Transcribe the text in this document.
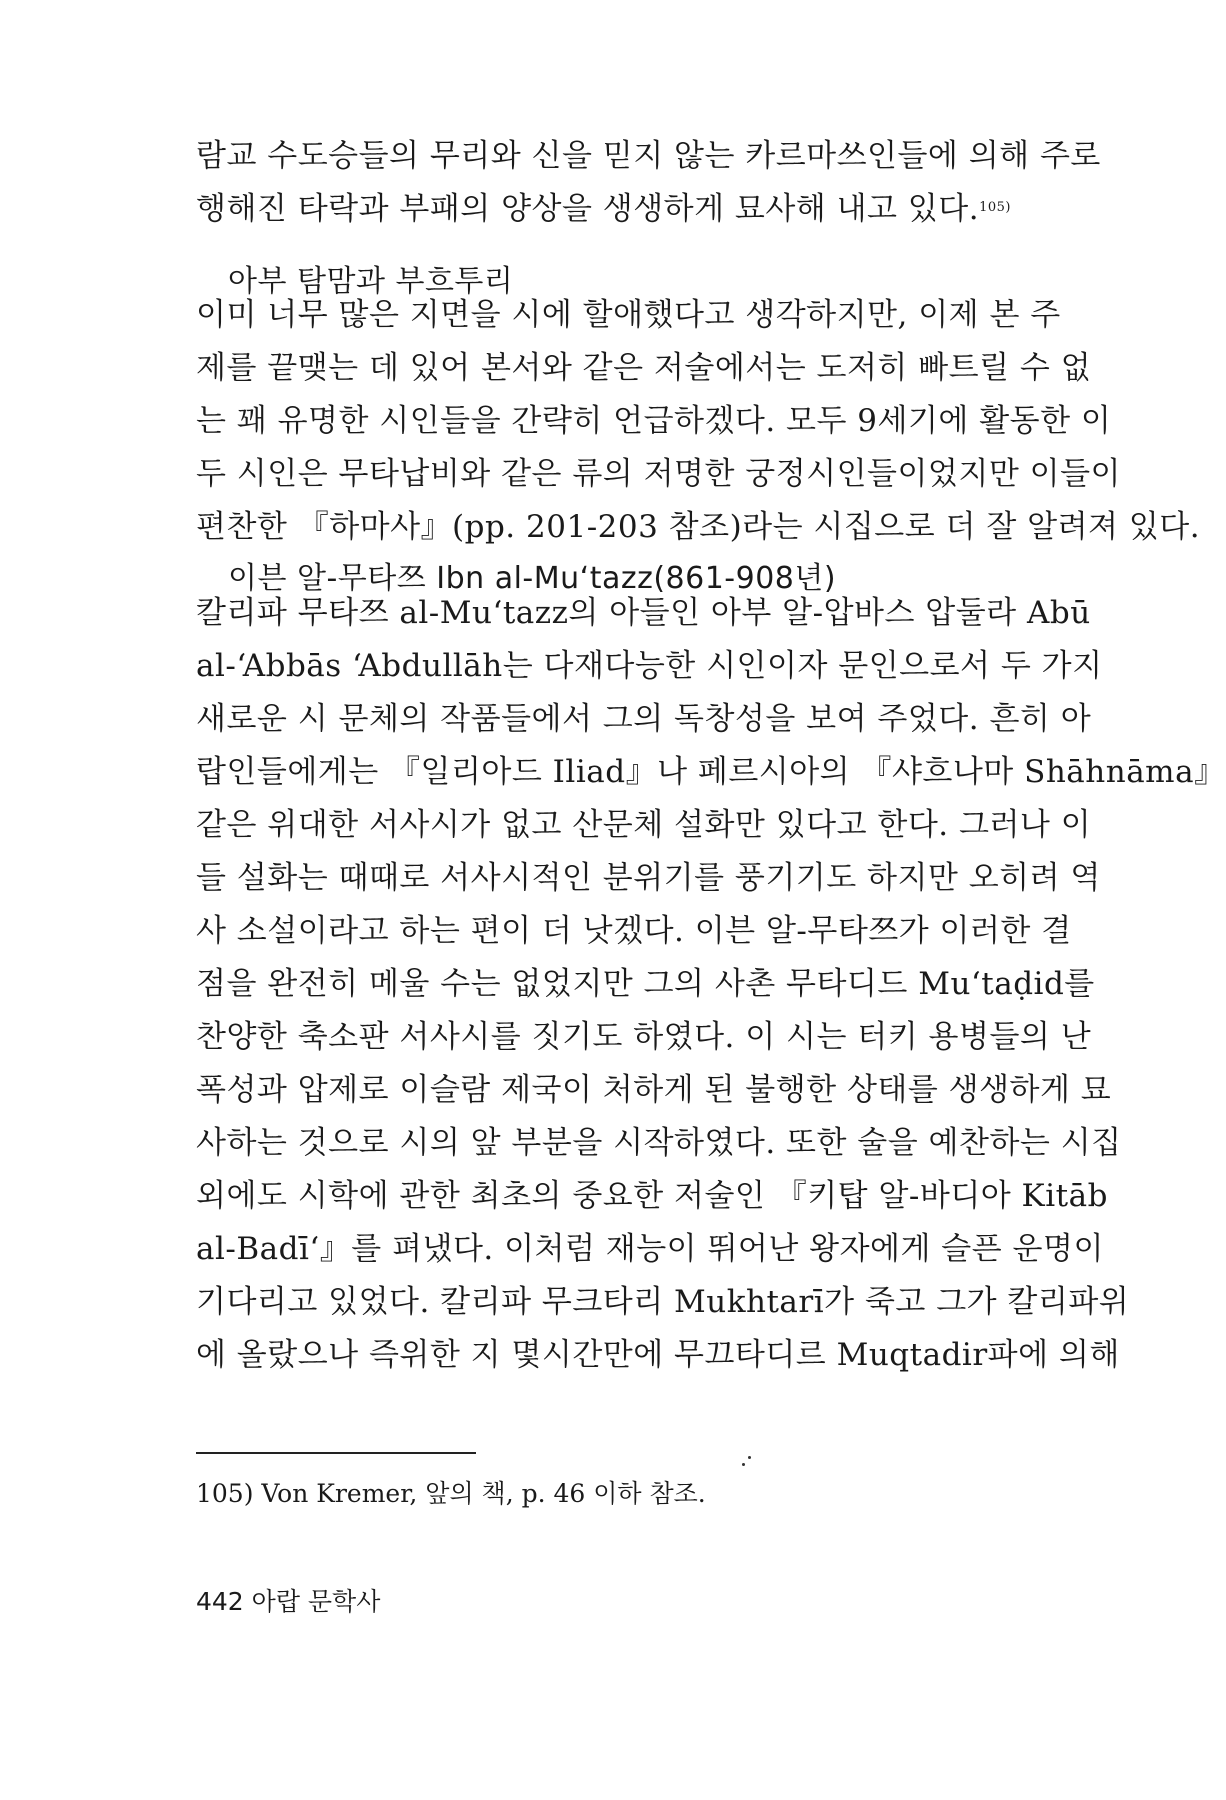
람교 수도승들의 무리와 신을 믿지 않는 카르마쓰인들에 의해 주로
행해진 타락과 부패의 양상을 생생하게 묘사해 내고 있다.$^{105)}$
아부 탐맘과 부흐투리
이미 너무 많은 지면을 시에 할애했다고 생각하지만, 이제 본 주
제를 끝맺는 데 있어 본서와 같은 저술에서는 도저히 빠트릴 수 없
는 꽤 유명한 시인들을 간략히 언급하겠다. 모두 9세기에 활동한 이
두 시인은 무타납비와 같은 류의 저명한 궁정시인들이었지만 이들이
편찬한 『하마사』(pp. 201-203 참조)라는 시집으로 더 잘 알려져 있다.
이븐 알-무타쯔 Ibn al-Mu‘tazz(861-908년)
칼리파 무타쯔 al-Mu‘tazz의 아들인 아부 알-압바스 압둘라 Abū
al-‘Abbās ‘Abdullāh는 다재다능한 시인이자 문인으로서 두 가지
새로운 시 문체의 작품들에서 그의 독창성을 보여 주었다. 흔히 아
랍인들에게는 『일리아드 Iliad』나 페르시아의 『샤흐나마 Shāhnāma』
같은 위대한 서사시가 없고 산문체 설화만 있다고 한다. 그러나 이
들 설화는 때때로 서사시적인 분위기를 풍기기도 하지만 오히려 역
사 소설이라고 하는 편이 더 낫겠다. 이븐 알-무타쯔가 이러한 결
점을 완전히 메울 수는 없었지만 그의 사촌 무타디드 Mu‘taḍid를
찬양한 축소판 서사시를 짓기도 하였다. 이 시는 터키 용병들의 난
폭성과 압제로 이슬람 제국이 처하게 된 불행한 상태를 생생하게 묘
사하는 것으로 시의 앞 부분을 시작하였다. 또한 술을 예찬하는 시집
외에도 시학에 관한 최초의 중요한 저술인 『키탑 알-바디아 Kitāb
al-Badī‘』를 펴냈다. 이처럼 재능이 뛰어난 왕자에게 슬픈 운명이
기다리고 있었다. 칼리파 무크타리 Mukhtarī가 죽고 그가 칼리파위
에 올랐으나 즉위한 지 몇시간만에 무끄타디르 Muqtadir파에 의해

105) Von Kremer, 앞의 책, p. 46 이하 참조.

442 아랍 문학사
